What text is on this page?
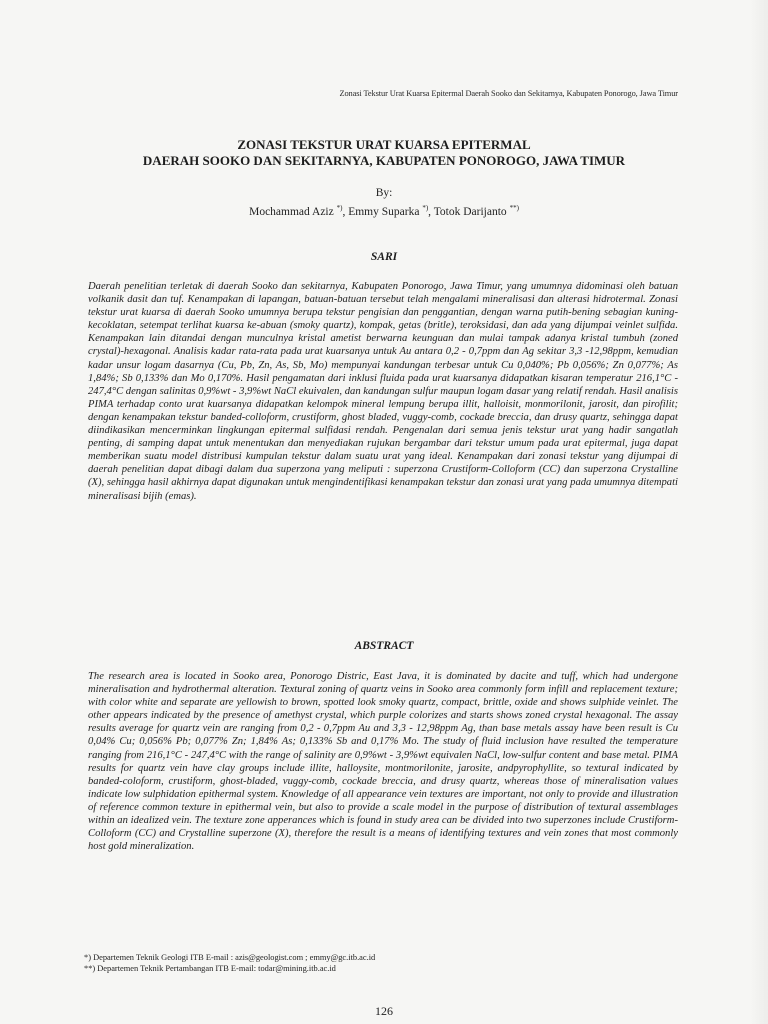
Zonasi Tekstur Urat Kuarsa Epitermal Daerah Sooko dan Sekitarnya, Kabupaten Ponorogo, Jawa Timur
ZONASI TEKSTUR URAT KUARSA EPITERMAL
DAERAH SOOKO DAN SEKITARNYA, KABUPATEN PONOROGO, JAWA TIMUR
By:
Mochammad Aziz *), Emmy Suparka *), Totok Darijanto **)
SARI
Daerah penelitian terletak di daerah Sooko dan sekitarnya, Kabupaten Ponorogo, Jawa Timur, yang umumnya didominasi oleh batuan volkanik dasit dan tuf. Kenampakan di lapangan, batuan-batuan tersebut telah mengalami mineralisasi dan alterasi hidrotermal. Zonasi tekstur urat kuarsa di daerah Sooko umumnya berupa tekstur pengisian dan penggantian, dengan warna putih-bening sebagian kuning-kecoklatan, setempat terlihat kuarsa ke-abuan (smoky quartz), kompak, getas (britle), teroksidasi, dan ada yang dijumpai veinlet sulfida. Kenampakan lain ditandai dengan munculnya kristal ametist berwarna keunguan dan mulai tampak adanya kristal tumbuh (zoned crystal)-hexagonal. Analisis kadar rata-rata pada urat kuarsanya untuk Au antara 0,2 - 0,7ppm dan Ag sekitar 3,3 -12,98ppm, kemudian kadar unsur logam dasarnya (Cu, Pb, Zn, As, Sb, Mo) mempunyai kandungan terbesar untuk Cu 0,040%; Pb 0,056%; Zn 0,077%; As 1,84%; Sb 0,133% dan Mo 0,170%. Hasil pengamatan dari inklusi fluida pada urat kuarsanya didapatkan kisaran temperatur 216,1°C - 247,4°C dengan salinitas 0,9%wt - 3,9%wt NaCl ekuivalen, dan kandungan sulfur maupun logam dasar yang relatif rendah. Hasil analisis PIMA terhadap conto urat kuarsanya didapatkan kelompok mineral lempung berupa illit, halloisit, monmorilonit, jarosit, dan pirofilit; dengan kenampakan tekstur banded-colloform, crustiform, ghost bladed, vuggy-comb, cockade breccia, dan drusy quartz, sehingga dapat diindikasikan mencerminkan lingkungan epitermal sulfidasi rendah. Pengenalan dari semua jenis tekstur urat yang hadir sangatlah penting, di samping dapat untuk menentukan dan menyediakan rujukan bergambar dari tekstur umum pada urat epitermal, juga dapat memberikan suatu model distribusi kumpulan tekstur dalam suatu urat yang ideal. Kenampakan dari zonasi tekstur yang dijumpai di daerah penelitian dapat dibagi dalam dua superzona yang meliputi : superzona Crustiform-Colloform (CC) dan superzona Crystalline (X), sehingga hasil akhirnya dapat digunakan untuk mengindentifikasi kenampakan tekstur dan zonasi urat yang pada umumnya ditempati mineralisasi bijih (emas).
ABSTRACT
The research area is located in Sooko area, Ponorogo Distric, East Java, it is dominated by dacite and tuff, which had undergone mineralisation and hydrothermal alteration. Textural zoning of quartz veins in Sooko area commonly form infill and replacement texture; with color white and separate are yellowish to brown, spotted look smoky quartz, compact, brittle, oxide and shows sulphide veinlet. The other appears indicated by the presence of amethyst crystal, which purple colorizes and starts shows zoned crystal hexagonal. The assay results average for quartz vein are ranging from 0,2 - 0,7ppm Au and 3,3 - 12,98ppm Ag, than base metals assay have been result is Cu 0,04% Cu; 0,056% Pb; 0,077% Zn; 1,84% As; 0,133% Sb and 0,17% Mo. The study of fluid inclusion have resulted the temperature ranging from 216,1°C - 247,4°C with the range of salinity are 0,9%wt - 3,9%wt equivalen NaCl, low-sulfur content and base metal. PIMA results for quartz vein have clay groups include illite, halloysite, montmorilonite, jarosite, andpyrophyllite, so textural indicated by banded-coloform, crustiform, ghost-bladed, vuggy-comb, cockade breccia, and drusy quartz, whereas those of mineralisation values indicate low sulphidation epithermal system. Knowledge of all appearance vein textures are important, not only to provide and illustration of reference common texture in epithermal vein, but also to provide a scale model in the purpose of distribution of textural assemblages within an idealized vein. The texture zone apperances which is found in study area can be divided into two superzones include Crustiform-Colloform (CC) and Crystalline superzone (X), therefore the result is a means of identifying textures and vein zones that most commonly host gold mineralization.
*) Departemen Teknik Geologi ITB E-mail : azis@geologist.com ; emmy@gc.itb.ac.id
**) Departemen Teknik Pertambangan ITB E-mail: todar@mining.itb.ac.id
126
